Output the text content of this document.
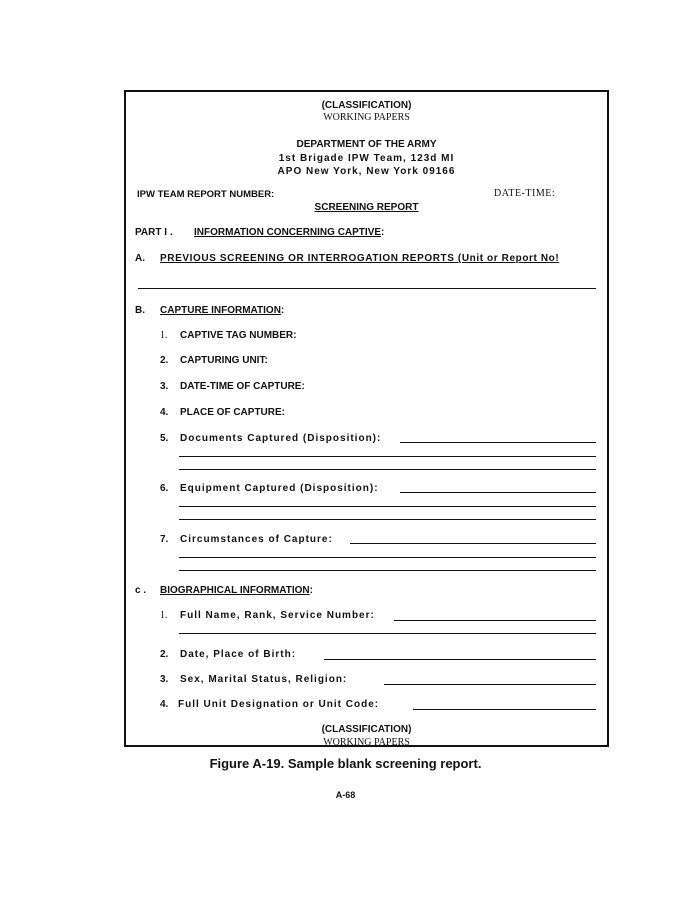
(CLASSIFICATION)
WORKING PAPERS
DEPARTMENT OF THE ARMY
1st Brigade IPW Team, 123d MI
APO New York, New York 09166
IPW TEAM REPORT NUMBER:	DATE-TIME:
SCREENING REPORT
PART I . INFORMATION CONCERNING CAPTIVE:
A. PREVIOUS SCREENING OR INTERROGATION REPORTS (Unit or Report No!
B. CAPTURE INFORMATION:
1. CAPTIVE TAG NUMBER:
2. CAPTURING UNIT:
3. DATE-TIME OF CAPTURE:
4. PLACE OF CAPTURE:
5. Documents Captured (Disposition):
6. Equipment Captured (Disposition):
7. Circumstances of Capture:
c . BIOGRAPHICAL INFORMATION:
1. Full Name, Rank, Service Number:
2. Date, Place of Birth:
3. Sex, Marital Status, Religion:
4. Full Unit Designation or Unit Code:
(CLASSIFICATION)
WORKING PAPERS
Figure A-19. Sample blank screening report.
A-68
